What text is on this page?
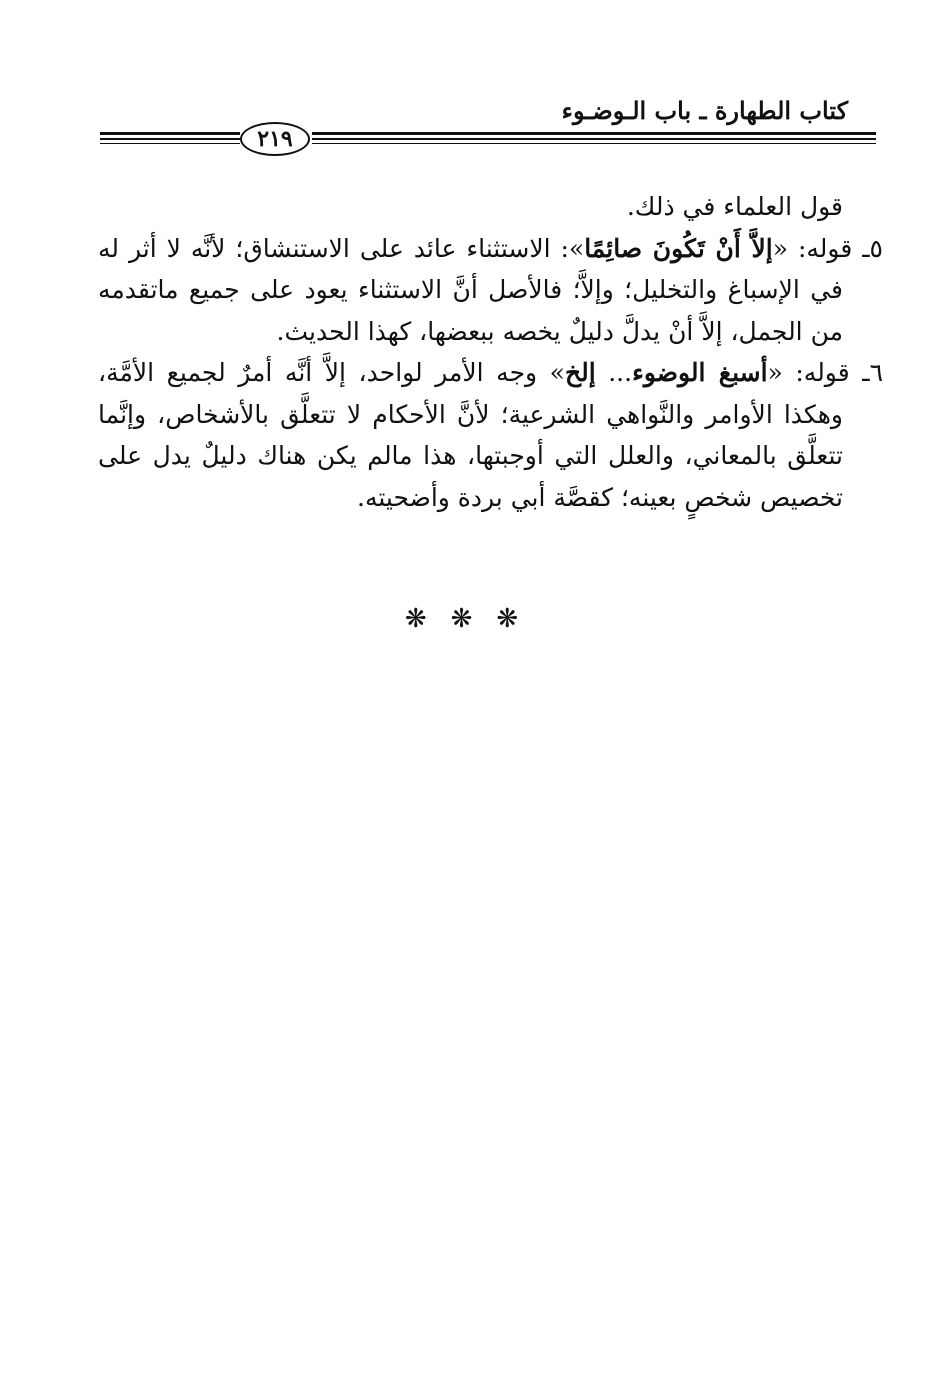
كتاب الطهارة ـ باب الـوضـوء
٢١٩

قول العلماء في ذلك.

٥ـ قوله: «إلاَّ أَنْ تَكُونَ صائِمًا»: الاستثناء عائد على الاستنشاق؛ لأنَّه لا أثر له في الإسباغ والتخليل؛ وإلاَّ؛ فالأصل أنَّ الاستثناء يعود على جميع ماتقدمه من الجمل، إلاَّ أنْ يدلَّ دليلٌ يخصه ببعضها، كهذا الحديث.

٦ـ قوله: «أسبغ الوضوء... إلخ» وجه الأمر لواحد، إلاَّ أنَّه أمرٌ لجميع الأمَّة، وهكذا الأوامر والنَّواهي الشرعية؛ لأنَّ الأحكام لا تتعلَّق بالأشخاص، وإنَّما تتعلَّق بالمعاني، والعلل التي أوجبتها، هذا مالم يكن هناك دليلٌ يدل على تخصيص شخصٍ بعينه؛ كقصَّة أبي بردة وأضحيته.

❋❋❋
